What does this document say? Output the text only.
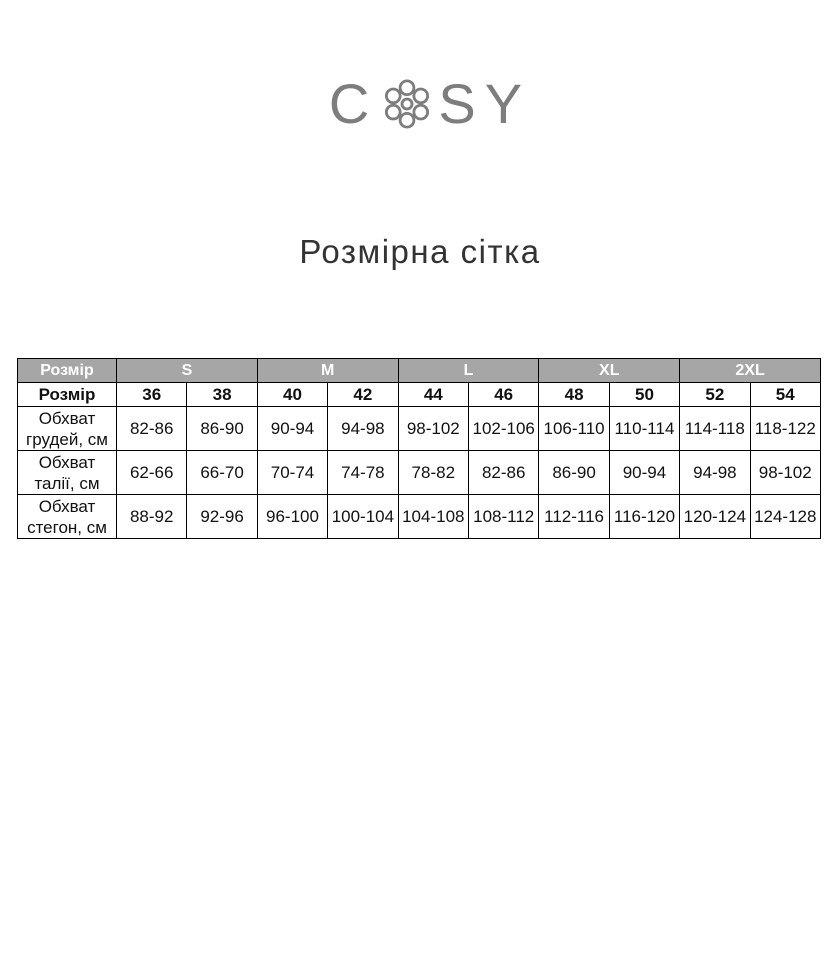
C SY
Розмірна сітка
Розмір	S		M		L		XL		2XL	
Розмір	36	38	40	42	44	46	48	50	52	54
Обхват грудей, см	82-86	86-90	90-94	94-98	98-102	102-106	106-110	110-114	114-118	118-122
Обхват талії, см	62-66	66-70	70-74	74-78	78-82	82-86	86-90	90-94	94-98	98-102
Обхват стегон, см	88-92	92-96	96-100	100-104	104-108	108-112	112-116	116-120	120-124	124-128
